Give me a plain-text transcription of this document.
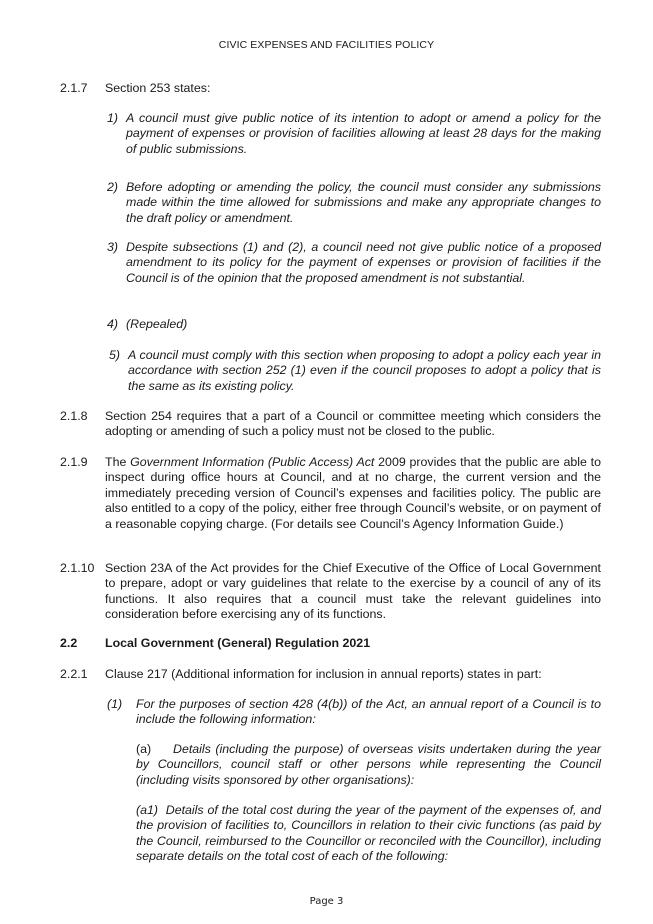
CIVIC EXPENSES AND FACILITIES POLICY
2.1.7 Section 253 states:
1) A council must give public notice of its intention to adopt or amend a policy for the payment of expenses or provision of facilities allowing at least 28 days for the making of public submissions.
2) Before adopting or amending the policy, the council must consider any submissions made within the time allowed for submissions and make any appropriate changes to the draft policy or amendment.
3) Despite subsections (1) and (2), a council need not give public notice of a proposed amendment to its policy for the payment of expenses or provision of facilities if the Council is of the opinion that the proposed amendment is not substantial.
4) (Repealed)
5) A council must comply with this section when proposing to adopt a policy each year in accordance with section 252 (1) even if the council proposes to adopt a policy that is the same as its existing policy.
2.1.8 Section 254 requires that a part of a Council or committee meeting which considers the adopting or amending of such a policy must not be closed to the public.
2.1.9 The Government Information (Public Access) Act 2009 provides that the public are able to inspect during office hours at Council, and at no charge, the current version and the immediately preceding version of Council’s expenses and facilities policy. The public are also entitled to a copy of the policy, either free through Council’s website, or on payment of a reasonable copying charge. (For details see Council’s Agency Information Guide.)
2.1.10 Section 23A of the Act provides for the Chief Executive of the Office of Local Government to prepare, adopt or vary guidelines that relate to the exercise by a council of any of its functions. It also requires that a council must take the relevant guidelines into consideration before exercising any of its functions.
2.2 Local Government (General) Regulation 2021
2.2.1 Clause 217 (Additional information for inclusion in annual reports) states in part:
(1) For the purposes of section 428 (4(b)) of the Act, an annual report of a Council is to include the following information:
(a)	Details (including the purpose) of overseas visits undertaken during the year by Councillors, council staff or other persons while representing the Council (including visits sponsored by other organisations):
(a1) Details of the total cost during the year of the payment of the expenses of, and the provision of facilities to, Councillors in relation to their civic functions (as paid by the Council, reimbursed to the Councillor or reconciled with the Councillor), including separate details on the total cost of each of the following:
Page 3
